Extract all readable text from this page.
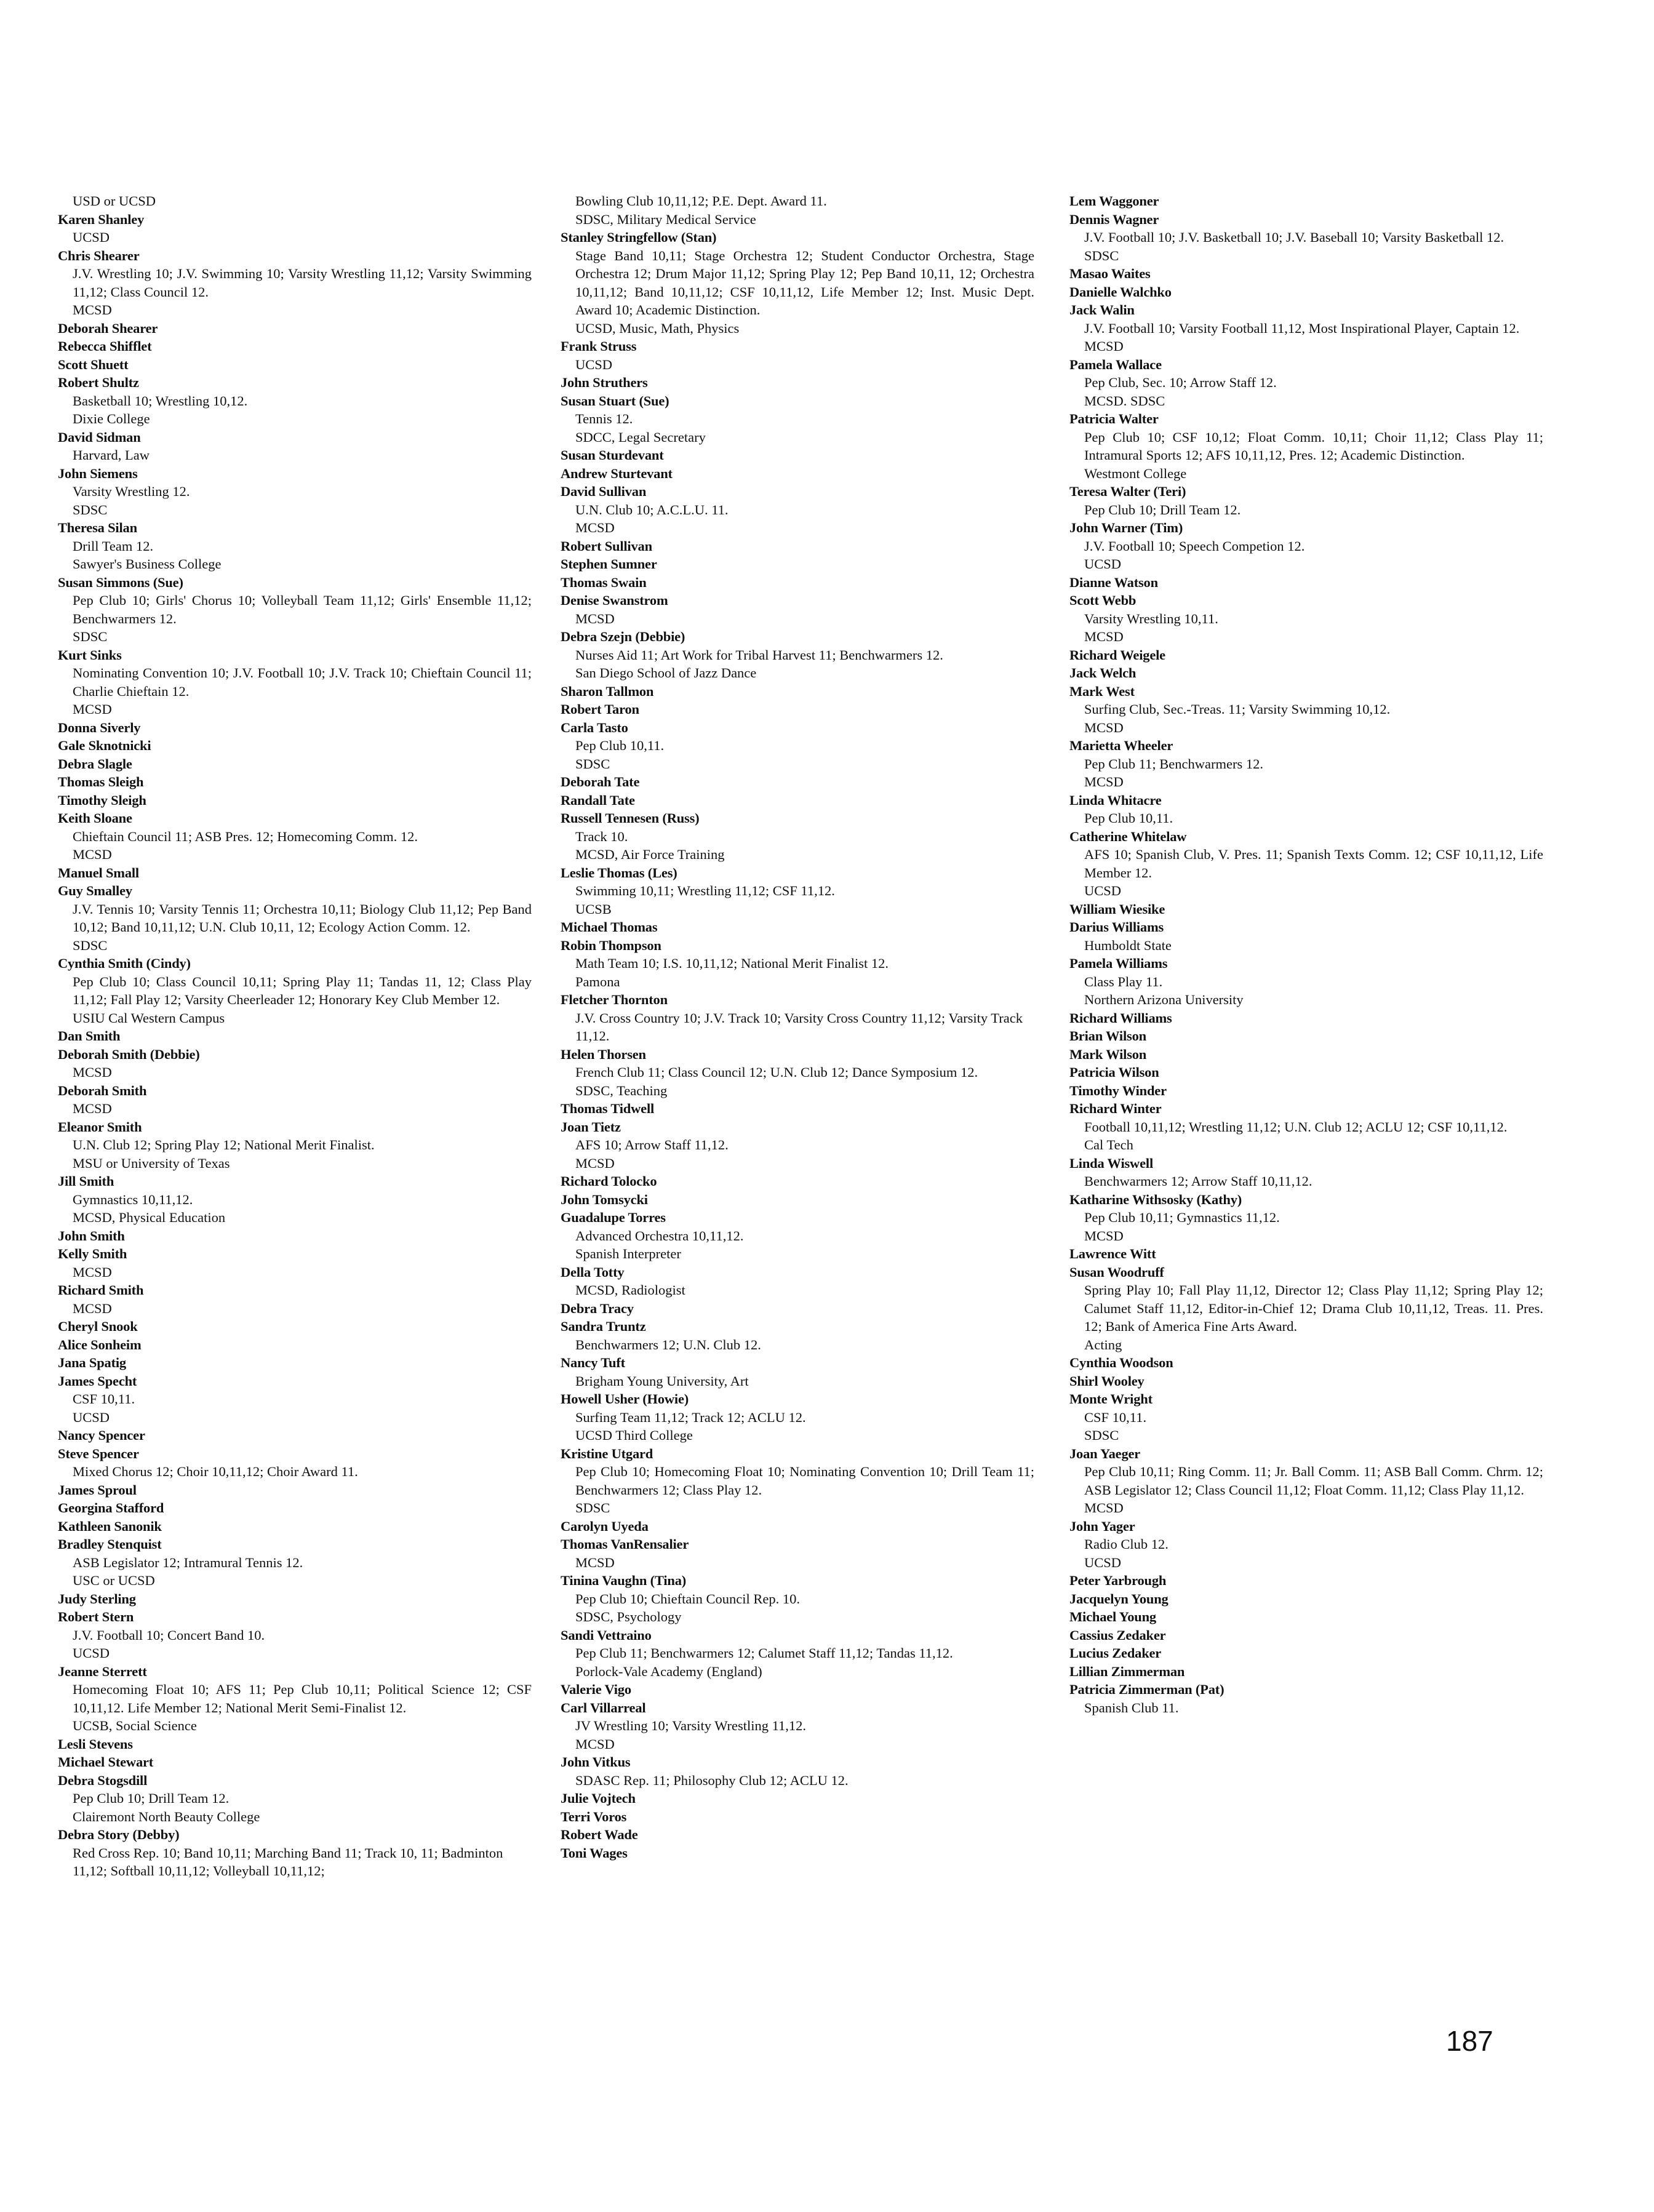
USD or UCSD
Karen Shanley
UCSD
Chris Shearer
J.V. Wrestling 10; J.V. Swimming 10; Varsity Wrestling 11,12; Varsity Swimming 11,12; Class Council 12.
MCSD
Deborah Shearer
Rebecca Shifflet
Scott Shuett
Robert Shultz
Basketball 10; Wrestling 10,12.
Dixie College
David Sidman
Harvard, Law
John Siemens
Varsity Wrestling 12.
SDSC
Theresa Silan
Drill Team 12.
Sawyer's Business College
Susan Simmons (Sue)
Pep Club 10; Girls' Chorus 10; Volleyball Team 11,12; Girls' Ensemble 11,12; Benchwarmers 12.
SDSC
Kurt Sinks
Nominating Convention 10; J.V. Football 10; J.V. Track 10; Chieftain Council 11; Charlie Chieftain 12.
MCSD
Donna Siverly
Gale Sknotnicki
Debra Slagle
Thomas Sleigh
Timothy Sleigh
Keith Sloane
Chieftain Council 11; ASB Pres. 12; Homecoming Comm. 12.
MCSD
Manuel Small
Guy Smalley
J.V. Tennis 10; Varsity Tennis 11; Orchestra 10,11; Biology Club 11,12; Pep Band 10,12; Band 10,11,12; U.N. Club 10,11, 12; Ecology Action Comm. 12.
SDSC
Cynthia Smith (Cindy)
Pep Club 10; Class Council 10,11; Spring Play 11; Tandas 11, 12; Class Play 11,12; Fall Play 12; Varsity Cheerleader 12; Honorary Key Club Member 12.
USIU Cal Western Campus
Dan Smith
Deborah Smith (Debbie)
MCSD
Deborah Smith
MCSD
Eleanor Smith
U.N. Club 12; Spring Play 12; National Merit Finalist.
MSU or University of Texas
Jill Smith
Gymnastics 10,11,12.
MCSD, Physical Education
John Smith
Kelly Smith
MCSD
Richard Smith
MCSD
Cheryl Snook
Alice Sonheim
Jana Spatig
James Specht
CSF 10,11.
UCSD
Nancy Spencer
Steve Spencer
Mixed Chorus 12; Choir 10,11,12; Choir Award 11.
James Sproul
Georgina Stafford
Kathleen Sanonik
Bradley Stenquist
ASB Legislator 12; Intramural Tennis 12.
USC or UCSD
Judy Sterling
Robert Stern
J.V. Football 10; Concert Band 10.
UCSD
Jeanne Sterrett
Homecoming Float 10; AFS 11; Pep Club 10,11; Political Science 12; CSF 10,11,12. Life Member 12; National Merit Semi-Finalist 12.
UCSB, Social Science
Lesli Stevens
Michael Stewart
Debra Stogsdill
Pep Club 10; Drill Team 12.
Clairemont North Beauty College
Debra Story (Debby)
Red Cross Rep. 10; Band 10,11; Marching Band 11; Track 10, 11; Badminton 11,12; Softball 10,11,12; Volleyball 10,11,12;
Bowling Club 10,11,12; P.E. Dept. Award 11.
SDSC, Military Medical Service
Stanley Stringfellow (Stan)
Stage Band 10,11; Stage Orchestra 12; Student Conductor Orchestra, Stage Orchestra 12; Drum Major 11,12; Spring Play 12; Pep Band 10,11, 12; Orchestra 10,11,12; Band 10,11,12; CSF 10,11,12, Life Member 12; Inst. Music Dept. Award 10; Academic Distinction.
UCSD, Music, Math, Physics
Frank Struss
UCSD
John Struthers
Susan Stuart (Sue)
Tennis 12.
SDCC, Legal Secretary
Susan Sturdevant
Andrew Sturtevant
David Sullivan
U.N. Club 10; A.C.L.U. 11.
MCSD
Robert Sullivan
Stephen Sumner
Thomas Swain
Denise Swanstrom
MCSD
Debra Szejn (Debbie)
Nurses Aid 11; Art Work for Tribal Harvest 11; Benchwarmers 12.
San Diego School of Jazz Dance
Sharon Tallmon
Robert Taron
Carla Tasto
Pep Club 10,11.
SDSC
Deborah Tate
Randall Tate
Russell Tennesen (Russ)
Track 10.
MCSD, Air Force Training
Leslie Thomas (Les)
Swimming 10,11; Wrestling 11,12; CSF 11,12.
UCSB
Michael Thomas
Robin Thompson
Math Team 10; I.S. 10,11,12; National Merit Finalist 12.
Pamona
Fletcher Thornton
J.V. Cross Country 10; J.V. Track 10; Varsity Cross Country 11,12; Varsity Track 11,12.
Helen Thorsen
French Club 11; Class Council 12; U.N. Club 12; Dance Symposium 12.
SDSC, Teaching
Thomas Tidwell
Joan Tietz
AFS 10; Arrow Staff 11,12.
MCSD
Richard Tolocko
John Tomsycki
Guadalupe Torres
Advanced Orchestra 10,11,12.
Spanish Interpreter
Della Totty
MCSD, Radiologist
Debra Tracy
Sandra Truntz
Benchwarmers 12; U.N. Club 12.
Nancy Tuft
Brigham Young University, Art
Howell Usher (Howie)
Surfing Team 11,12; Track 12; ACLU 12.
UCSD Third College
Kristine Utgard
Pep Club 10; Homecoming Float 10; Nominating Convention 10; Drill Team 11; Benchwarmers 12; Class Play 12.
SDSC
Carolyn Uyeda
Thomas VanRensalier
MCSD
Tinina Vaughn (Tina)
Pep Club 10; Chieftain Council Rep. 10.
SDSC, Psychology
Sandi Vettraino
Pep Club 11; Benchwarmers 12; Calumet Staff 11,12; Tandas 11,12.
Porlock-Vale Academy (England)
Valerie Vigo
Carl Villarreal
JV Wrestling 10; Varsity Wrestling 11,12.
MCSD
John Vitkus
SDASC Rep. 11; Philosophy Club 12; ACLU 12.
Julie Vojtech
Terri Voros
Robert Wade
Toni Wages
Lem Waggoner
Dennis Wagner
J.V. Football 10; J.V. Basketball 10; J.V. Baseball 10; Varsity Basketball 12.
SDSC
Masao Waites
Danielle Walchko
Jack Walin
J.V. Football 10; Varsity Football 11,12, Most Inspirational Player, Captain 12.
MCSD
Pamela Wallace
Pep Club, Sec. 10; Arrow Staff 12.
MCSD. SDSC
Patricia Walter
Pep Club 10; CSF 10,12; Float Comm. 10,11; Choir 11,12; Class Play 11; Intramural Sports 12; AFS 10,11,12, Pres. 12; Academic Distinction.
Westmont College
Teresa Walter (Teri)
Pep Club 10; Drill Team 12.
John Warner (Tim)
J.V. Football 10; Speech Competion 12.
UCSD
Dianne Watson
Scott Webb
Varsity Wrestling 10,11.
MCSD
Richard Weigele
Jack Welch
Mark West
Surfing Club, Sec.-Treas. 11; Varsity Swimming 10,12.
MCSD
Marietta Wheeler
Pep Club 11; Benchwarmers 12.
MCSD
Linda Whitacre
Pep Club 10,11.
Catherine Whitelaw
AFS 10; Spanish Club, V. Pres. 11; Spanish Texts Comm. 12; CSF 10,11,12, Life Member 12.
UCSD
William Wiesike
Darius Williams
Humboldt State
Pamela Williams
Class Play 11.
Northern Arizona University
Richard Williams
Brian Wilson
Mark Wilson
Patricia Wilson
Timothy Winder
Richard Winter
Football 10,11,12; Wrestling 11,12; U.N. Club 12; ACLU 12; CSF 10,11,12.
Cal Tech
Linda Wiswell
Benchwarmers 12; Arrow Staff 10,11,12.
Katharine Withsosky (Kathy)
Pep Club 10,11; Gymnastics 11,12.
MCSD
Lawrence Witt
Susan Woodruff
Spring Play 10; Fall Play 11,12, Director 12; Class Play 11,12; Spring Play 12; Calumet Staff 11,12, Editor-in-Chief 12; Drama Club 10,11,12, Treas. 11. Pres. 12; Bank of America Fine Arts Award.
Acting
Cynthia Woodson
Shirl Wooley
Monte Wright
CSF 10,11.
SDSC
Joan Yaeger
Pep Club 10,11; Ring Comm. 11; Jr. Ball Comm. 11; ASB Ball Comm. Chrm. 12; ASB Legislator 12; Class Council 11,12; Float Comm. 11,12; Class Play 11,12.
MCSD
John Yager
Radio Club 12.
UCSD
Peter Yarbrough
Jacquelyn Young
Michael Young
Cassius Zedaker
Lucius Zedaker
Lillian Zimmerman
Patricia Zimmerman (Pat)
Spanish Club 11.
187
